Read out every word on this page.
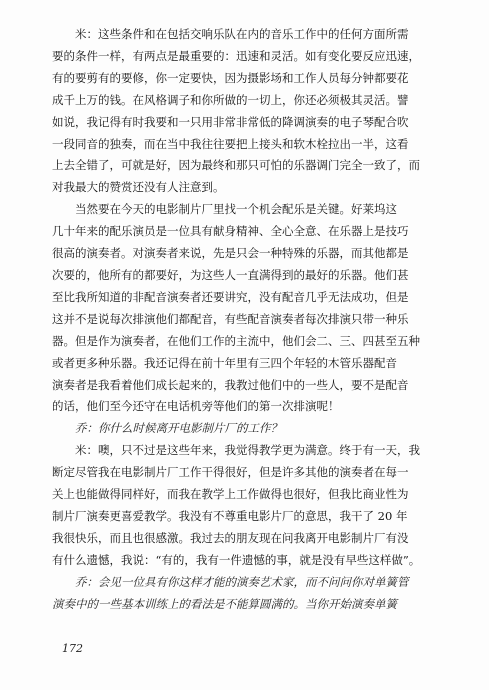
米：这些条件和在包括交响乐队在内的音乐工作中的任何方面所需
要的条件一样，有两点是最重要的：迅速和灵活。如有变化要反应迅速，
有的要剪有的要修，你一定要快，因为摄影场和工作人员每分钟都要花
成千上万的钱。在风格调子和你所做的一切上，你还必须极其灵活。譬
如说，我记得有时我要和一只用非常非常低的降调演奏的电子琴配合吹
一段同音的独奏，而在当中我往往要把上接头和软木栓拉出一半，这看
上去全错了，可就是好，因为最终和那只可怕的乐器调门完全一致了，而
对我最大的赞赏还没有人注意到。
当然要在今天的电影制片厂里找一个机会配乐是关键。好莱坞这
几十年来的配乐演员是一位具有献身精神、全心全意、在乐器上是技巧
很高的演奏者。对演奏者来说，先是只会一种特殊的乐器，而其他都是
次要的，他所有的都要好，为这些人一直满得到的最好的乐器。他们甚
至比我所知道的非配音演奏者还要讲究，没有配音几乎无法成功，但是
这并不是说每次排演他们都配音，有些配音演奏者每次排演只带一种乐
器。但是作为演奏者，在他们工作的主流中，他们会二、三、四甚至五种
或者更多种乐器。我还记得在前十年里有三四个年轻的木管乐器配音
演奏者是我看着他们成长起来的，我教过他们中的一些人，要不是配音
的话，他们至今还守在电话机旁等他们的第一次排演呢！
乔：你什么时候离开电影制片厂的工作？
米：噢，只不过是这些年来，我觉得教学更为满意。终于有一天，我
断定尽管我在电影制片厂工作干得很好，但是许多其他的演奏者在每一
关上也能做得同样好，而我在教学上工作做得也很好，但我比商业性为
制片厂演奏更喜爱教学。我没有不尊重电影片厂的意思，我干了 20 年
我很快乐，而且也很感激。我过去的朋友现在问我离开电影制片厂有没
有什么遗憾，我说：“有的，我有一件遗憾的事，就是没有早些这样做”。
乔：会见一位具有你这样才能的演奏艺术家，而不问问你对单簧管
演奏中的一些基本训练上的看法是不能算圆满的。当你开始演奏单簧
172
